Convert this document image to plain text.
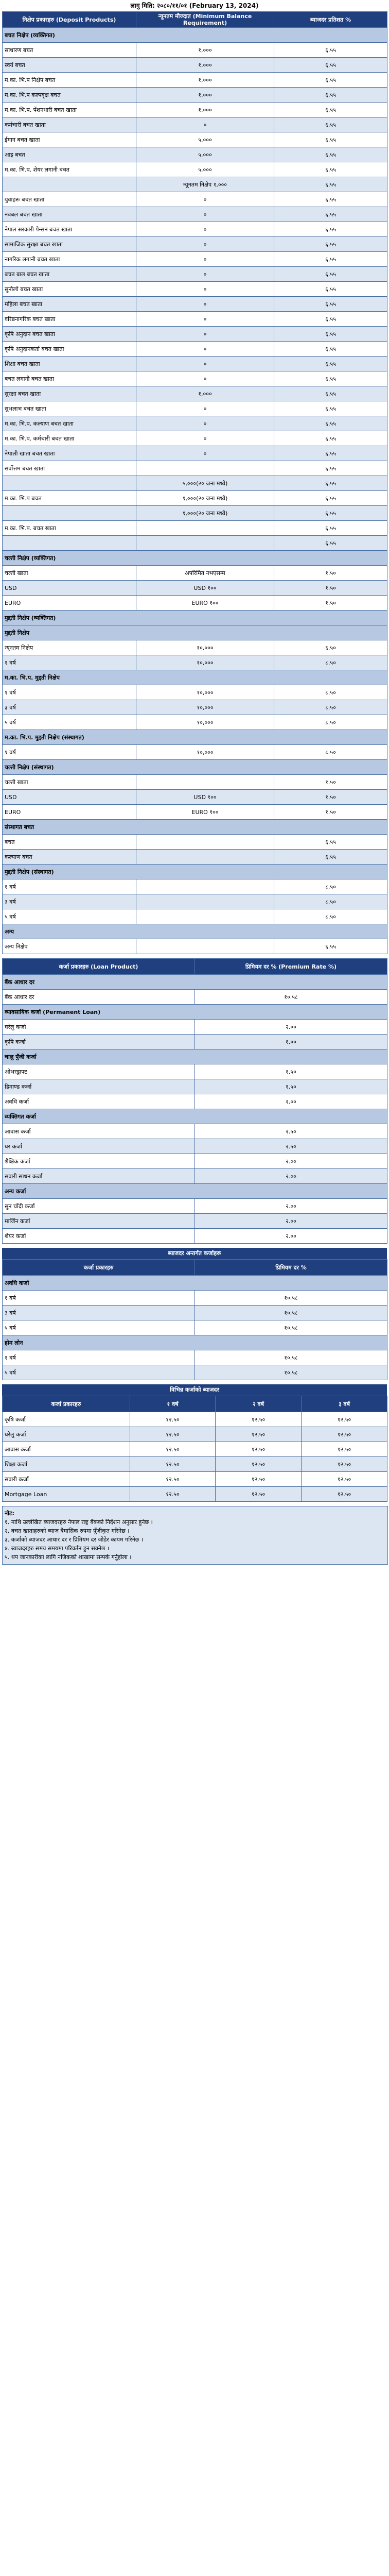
लागु मिति: २०८०/११/०१ (February 13, 2024)
निक्षेप प्रकारहरु (Deposit Products)	न्यूनतम मौज्दात (Minimum Balance Requirement)	ब्याजदर प्रतिशत %
बचत निक्षेप (व्यक्तिगत)		
साधारण बचत	१,०००	६.५५
स्वयं बचत	१,०००	६.५५
म.का. भि.प निक्षेप बचत	१,०००	६.५५
म.का. भि.प कल्पवृक्ष बचत	१,०००	६.५५
म.का. भि.प. पेंशनधारी बचत खाता	१,०००	६.५५
कर्मचारी बचत खाता	०	६.५५
ईमान बचत खाता	५,०००	६.५५
आइ बचत	५,०००	६.५५
म.का. भि.प. शेयर लगानी बचत	५,०००	६.५५
	न्यूनतम निक्षेप १,०००	६.५५
युवाहरू बचत खाता	०	६.५५
नवबल बचत खाता	०	६.५५
नेपाल सरकारी पेन्सन बचत खाता	०	६.५५
सामाजिक सुरक्षा बचत खाता	०	६.५५
नागरिक लगानी बचत खाता	०	६.५५
बचत बाल बचत खाता	०	६.५५
सुनौलो बचत खाता	०	६.५५
महिला बचत खाता	०	६.५५
वरिष्ठनागरिक बचत खाता	०	६.५५
कृषि अनुदान बचत खाता	०	६.५५
कृषि अनुदानकर्ता बचत खाता	०	६.५५
शिक्षा बचत खाता	०	६.५५
बचत लगानी बचत खाता	०	६.५५
सुरक्षा बचत खाता	१,०००	६.५५
सुभलाभ बचत खाता	०	६.५५
म.का. भि.प. कल्याण बचत खाता	०	६.५५
म.का. भि.प. कर्मचारी बचत खाता	०	६.५५
नेपाली खाता बचत खाता	०	६.५५
सर्वोत्तम बचत खाता		६.५५
	५,०००(२० जना मध्ये)	६.५५
म.का. भि.प बचत	१,०००(२० जना मध्ये)	६.५५
	१,०००(२० जना मध्ये)	६.५५
म.का. भि.प. बचत खाता		६.५५
		६.५५
चल्ती निक्षेप (व्यक्तिगत)		
चल्ती खाता	अपरिमित नभएसम्म	१.५०
USD	USD १००	१.५०
EURO	EURO १००	१.५०
मुद्दती निक्षेप (व्यक्तिगत)		
मुद्दती निक्षेप		
न्यूनतम निक्षेप	१०,०००	६.५०
१ वर्ष	१०,०००	८.५०
म.का. भि.प. मुद्दती निक्षेप		
१ वर्ष	१०,०००	८.५०
३ वर्ष	१०,०००	८.५०
५ वर्ष	१०,०००	८.५०
म.का. भि.प. मुद्दती निक्षेप (संस्थागत)		
१ वर्ष	१०,०००	८.५०
चल्ती निक्षेप (संस्थागत)		
चल्ती खाता		१.५०
USD	USD १००	१.५०
EURO	EURO १००	१.५०
संस्थागत बचत		
बचत		६.५५
कल्याण बचत		६.५५
मुद्दती निक्षेप (संस्थागत)		
१ वर्ष		८.५०
३ वर्ष		८.५०
५ वर्ष		८.५०
अन्य		
अन्य निक्षेप		६.५५
कर्जा प्रकारहरु (Loan Product)	प्रिमियम दर % (Premium Rate %)
बैंक आधार दर	
बैंक आधार दर	१०.५८
व्यावसायिक कर्जा (Permanent Loan)	
घरेलु कर्जा	२.००
कृषि कर्जा	१.००
चालु पुँजी कर्जा	
ओभरड्राफ्ट	१.५०
डिमाण्ड कर्जा	१.५०
अवधि कर्जा	२.००
व्यक्तिगत कर्जा	
आवास कर्जा	२.५०
घर कर्जा	२.५०
शैक्षिक कर्जा	२.००
सवारी साधन कर्जा	२.००
अन्य कर्जा	
सुन चाँदी कर्जा	२.००
मार्जिन कर्जा	२.००
शेयर कर्जा	२.००
ब्याजदर अन्तर्गत कर्जाहरू
कर्जा प्रकारहरु	प्रिमियम दर %
अवधि कर्जा	
१ वर्ष	१०.५८
३ वर्ष	१०.५८
५ वर्ष	१०.५८
होम लोन	
१ वर्ष	१०.५८
५ वर्ष	१०.५८
विभिन्न कर्जाको ब्याजदर
कर्जा प्रकारहरु	१ वर्ष	२ वर्ष	३ वर्ष
कृषि कर्जा	१२.५०	१२.५०	१२.५०
घरेलु कर्जा	१२.५०	१२.५०	१२.५०
आवास कर्जा	१२.५०	१२.५०	१२.५०
शिक्षा कर्जा	१२.५०	१२.५०	१२.५०
सवारी कर्जा	१२.५०	१२.५०	१२.५०
Mortgage Loan	१२.५०	१२.५०	१२.५०
नोट:
१. माथि उल्लेखित ब्याजदरहरु नेपाल राष्ट्र बैंकको निर्देशन अनुसार हुनेछ ।
२. बचत खाताहरुको ब्याज त्रैमासिक रुपमा पूँजीकृत गरिनेछ ।
३. कर्जाको ब्याजदर आधार दर र प्रिमियम दर जोडेर कायम गरिनेछ ।
४. ब्याजदरहरु समय समयमा परिवर्तन हुन सक्नेछ ।
५. थप जानकारीका लागि नजिकको शाखामा सम्पर्क गर्नुहोला ।
